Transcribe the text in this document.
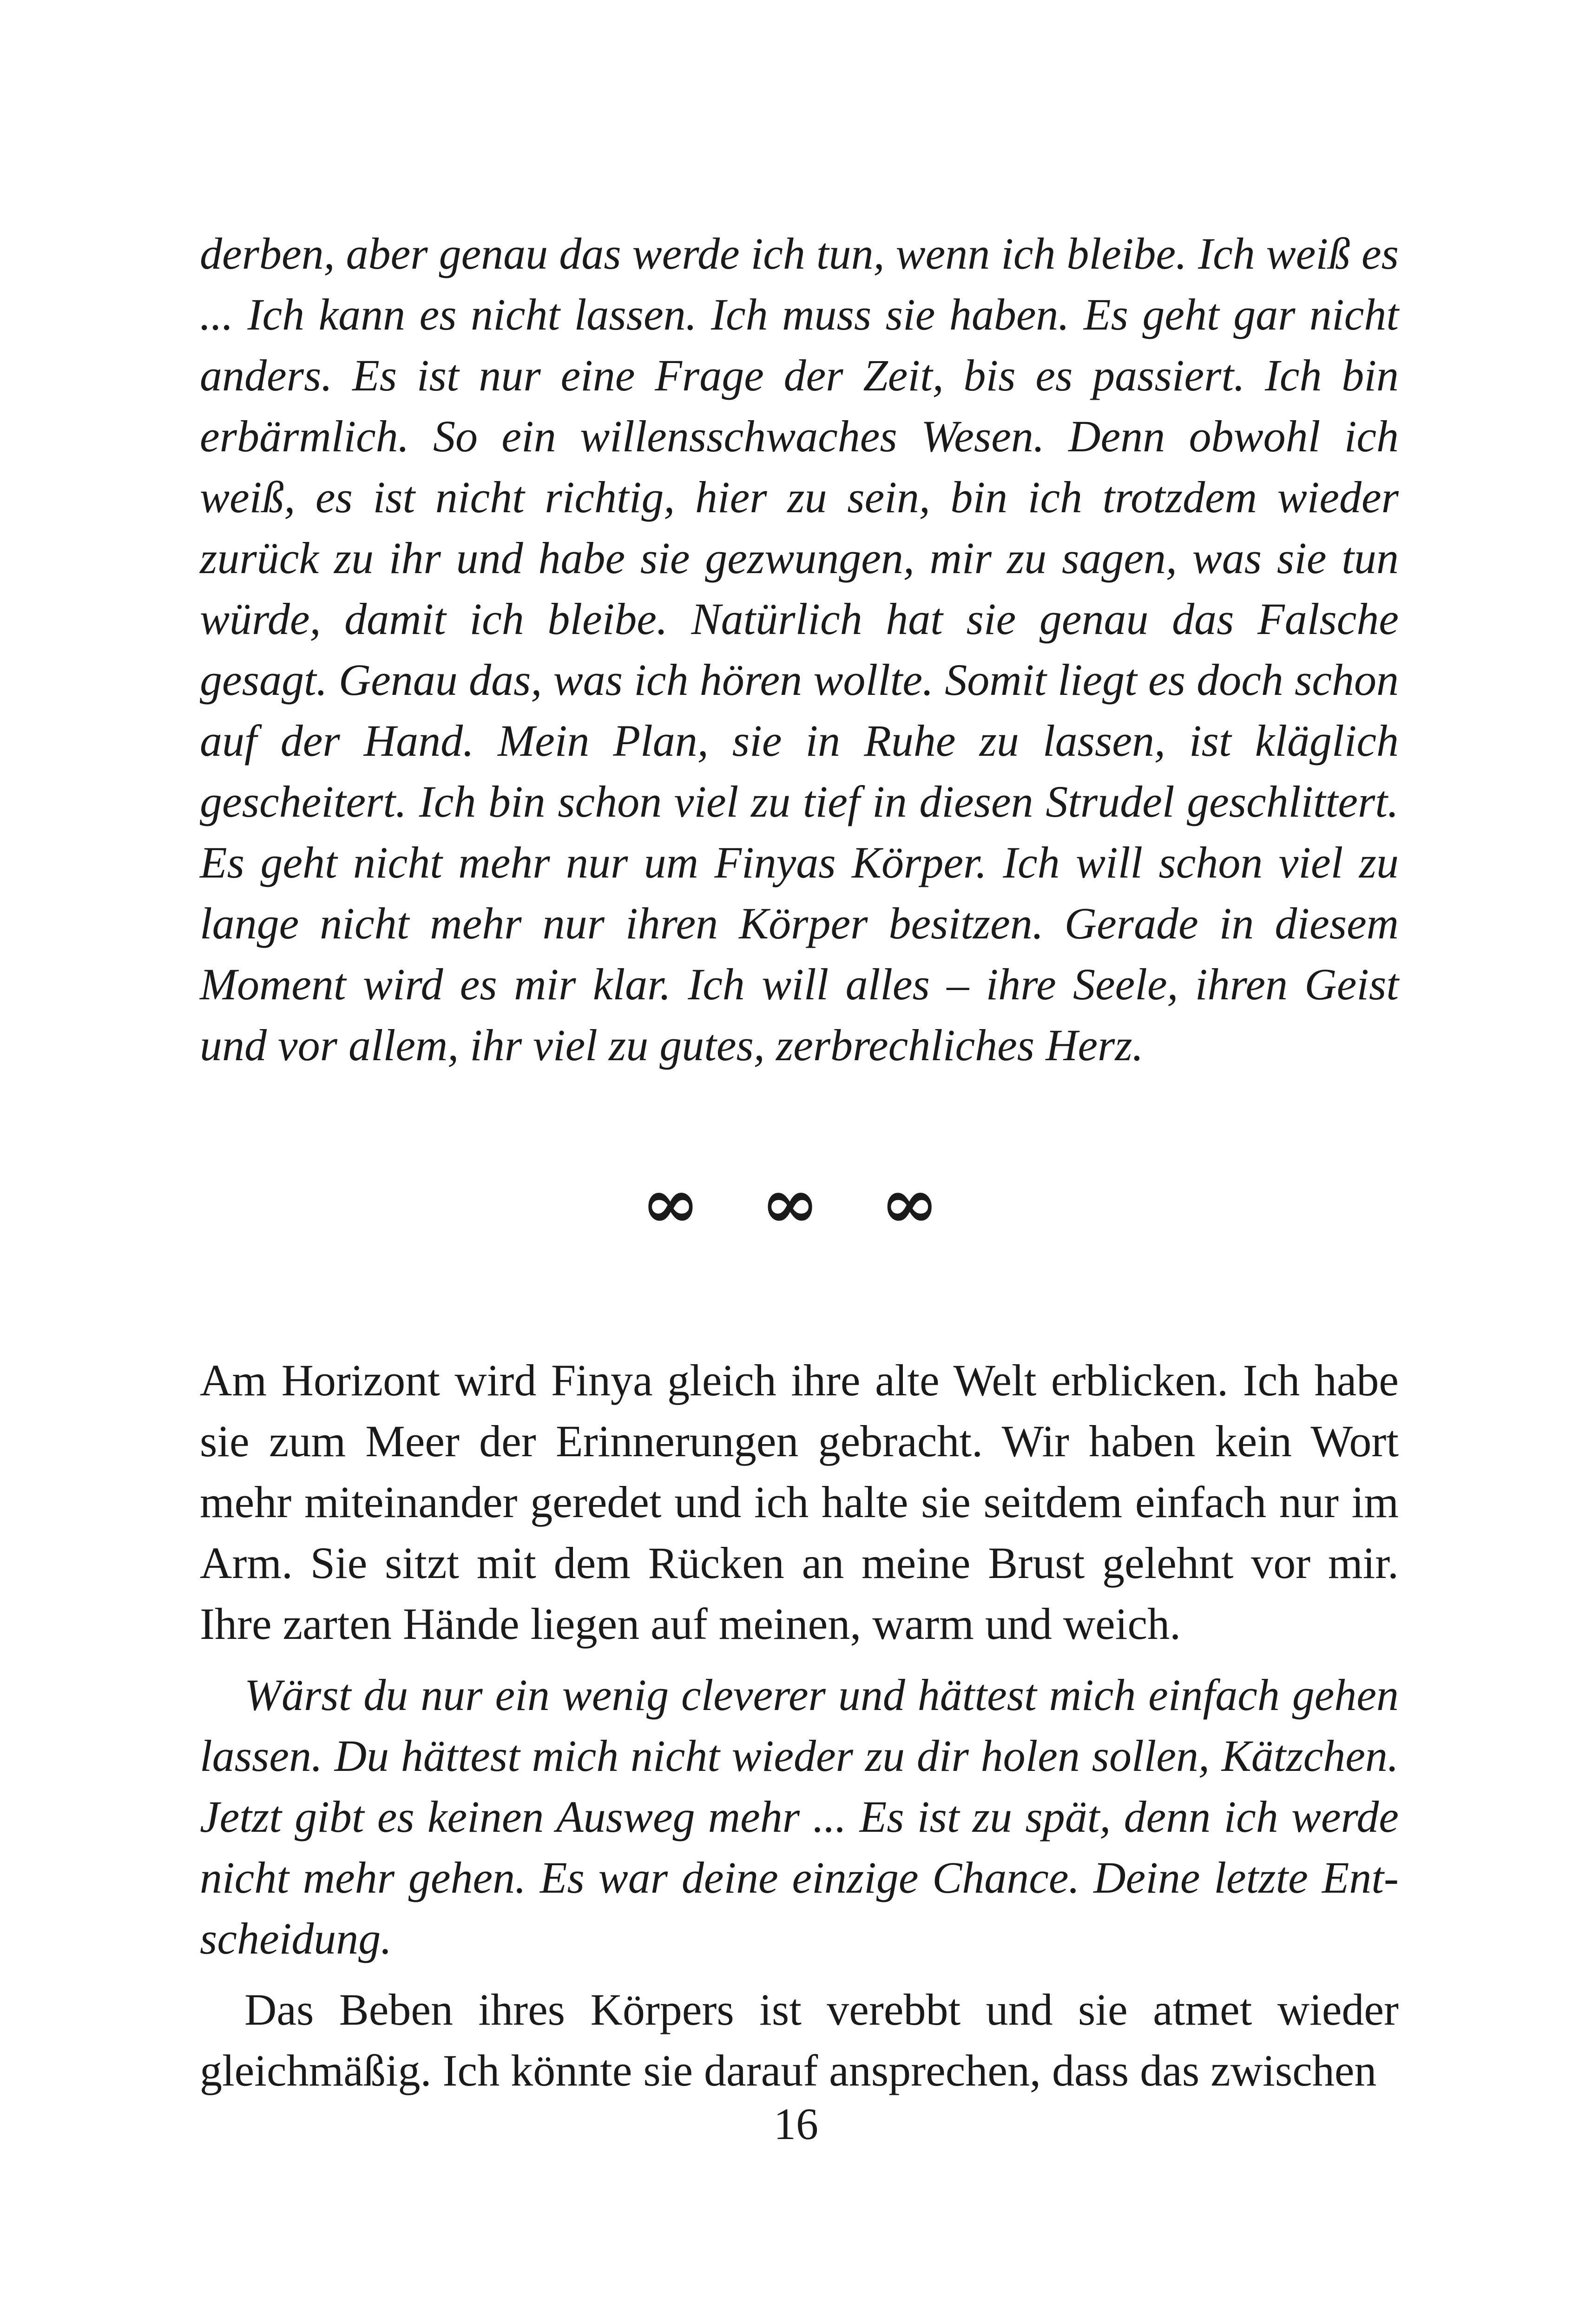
derben, aber genau das werde ich tun, wenn ich bleibe. Ich weiß es ... Ich kann es nicht lassen. Ich muss sie haben. Es geht gar nicht anders. Es ist nur eine Frage der Zeit, bis es passiert. Ich bin erbärmlich. So ein willensschwaches Wesen. Denn obwohl ich weiß, es ist nicht richtig, hier zu sein, bin ich trotzdem wieder zurück zu ihr und habe sie gezwungen, mir zu sagen, was sie tun würde, damit ich bleibe. Natürlich hat sie genau das Falsche gesagt. Genau das, was ich hören wollte. Somit liegt es doch schon auf der Hand. Mein Plan, sie in Ruhe zu lassen, ist kläglich gescheitert. Ich bin schon viel zu tief in diesen Strudel geschlittert. Es geht nicht mehr nur um Finyas Körper. Ich will schon viel zu lange nicht mehr nur ihren Körper besitzen. Gerade in diesem Moment wird es mir klar. Ich will alles – ihre Seele, ihren Geist und vor allem, ihr viel zu gutes, zerbrechliches Herz.

∞ ∞ ∞

Am Horizont wird Finya gleich ihre alte Welt erblicken. Ich habe sie zum Meer der Erinnerungen gebracht. Wir haben kein Wort mehr miteinander geredet und ich halte sie seitdem einfach nur im Arm. Sie sitzt mit dem Rücken an meine Brust gelehnt vor mir. Ihre zarten Hände liegen auf meinen, warm und weich.

Wärst du nur ein wenig cleverer und hättest mich einfach gehen lassen. Du hättest mich nicht wieder zu dir holen sollen, Kätzchen. Jetzt gibt es keinen Ausweg mehr ... Es ist zu spät, denn ich werde nicht mehr gehen. Es war deine einzige Chance. Deine letzte Entscheidung.

Das Beben ihres Körpers ist verebbt und sie atmet wieder gleichmäßig. Ich könnte sie darauf ansprechen, dass das zwischen

16
